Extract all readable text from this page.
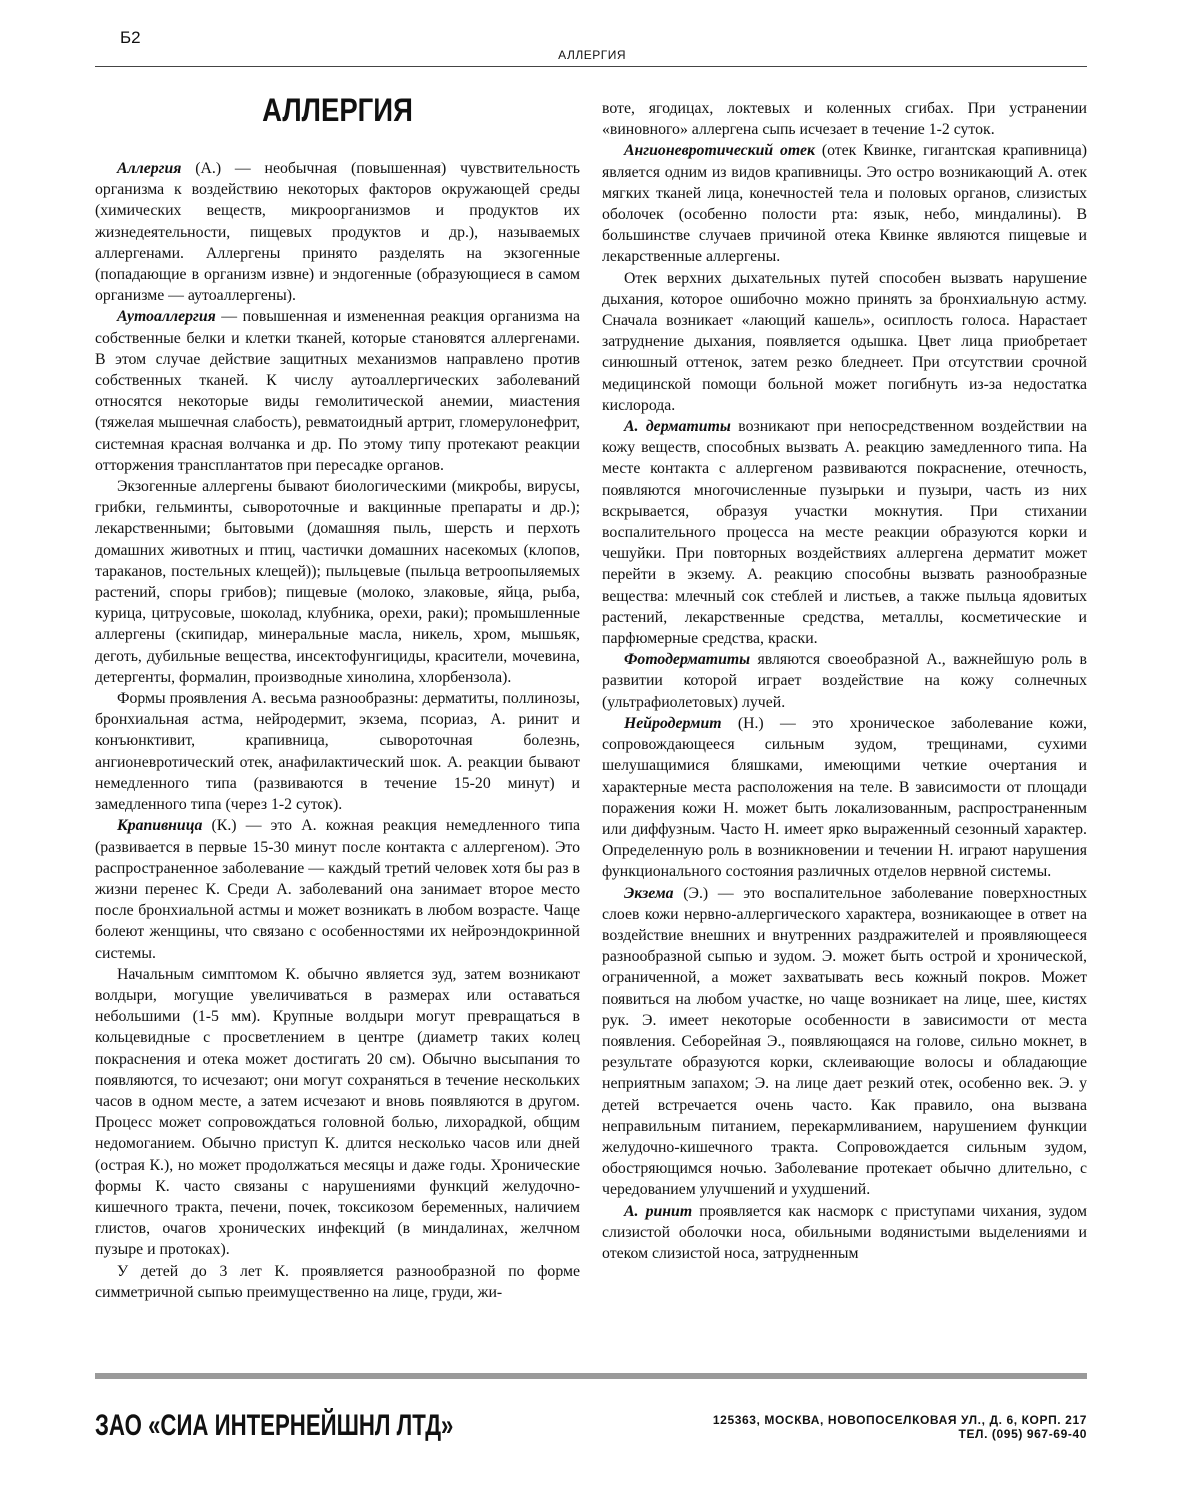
Б2
АЛЛЕРГИЯ
АЛЛЕРГИЯ

Аллергия (А.) — необычная (повышенная) чувствительность организма к воздействию некоторых факторов окружающей среды (химических веществ, микроорганизмов и продуктов их жизнедеятельности, пищевых продуктов и др.), называемых аллергенами. Аллергены принято разделять на экзогенные (попадающие в организм извне) и эндогенные (образующиеся в самом организме — аутоаллергены).

Аутоаллергия — повышенная и измененная реакция организма на собственные белки и клетки тканей, которые становятся аллергенами. В этом случае действие защитных механизмов направлено против собственных тканей. К числу аутоаллергических заболеваний относятся некоторые виды гемолитической анемии, миастения (тяжелая мышечная слабость), ревматоидный артрит, гломерулонефрит, системная красная волчанка и др. По этому типу протекают реакции отторжения трансплантатов при пересадке органов.

Экзогенные аллергены бывают биологическими (микробы, вирусы, грибки, гельминты, сывороточные и вакцинные препараты и др.); лекарственными; бытовыми (домашняя пыль, шерсть и перхоть домашних животных и птиц, частички домашних насекомых (клопов, тараканов, постельных клещей)); пыльцевые (пыльца ветроопыляемых растений, споры грибов); пищевые (молоко, злаковые, яйца, рыба, курица, цитрусовые, шоколад, клубника, орехи, раки); промышленные аллергены (скипидар, минеральные масла, никель, хром, мышьяк, деготь, дубильные вещества, инсектофунгициды, красители, мочевина, детергенты, формалин, производные хинолина, хлорбензола).

Формы проявления А. весьма разнообразны: дерматиты, поллинозы, бронхиальная астма, нейродермит, экзема, псориаз, А. ринит и конъюнктивит, крапивница, сывороточная болезнь, ангионевротический отек, анафилактический шок. А. реакции бывают немедленного типа (развиваются в течение 15-20 минут) и замедленного типа (через 1-2 суток).

Крапивница (К.) — это А. кожная реакция немедленного типа (развивается в первые 15-30 минут после контакта с аллергеном). Это распространенное заболевание — каждый третий человек хотя бы раз в жизни перенес К. Среди А. заболеваний она занимает второе место после бронхиальной астмы и может возникать в любом возрасте. Чаще болеют женщины, что связано с особенностями их нейроэндокринной системы.

Начальным симптомом К. обычно является зуд, затем возникают волдыри, могущие увеличиваться в размерах или оставаться небольшими (1-5 мм). Крупные волдыри могут превращаться в кольцевидные с просветлением в центре (диаметр таких колец покраснения и отека может достигать 20 см). Обычно высыпания то появляются, то исчезают; они могут сохраняться в течение нескольких часов в одном месте, а затем исчезают и вновь появляются в другом. Процесс может сопровождаться головной болью, лихорадкой, общим недомоганием. Обычно приступ К. длится несколько часов или дней (острая К.), но может продолжаться месяцы и даже годы. Хронические формы К. часто связаны с нарушениями функций желудочно-кишечного тракта, печени, почек, токсикозом беременных, наличием глистов, очагов хронических инфекций (в миндалинах, желчном пузыре и протоках).

У детей до 3 лет К. проявляется разнообразной по форме симметричной сыпью преимущественно на лице, груди, жи-

воте, ягодицах, локтевых и коленных сгибах. При устранении «виновного» аллергена сыпь исчезает в течение 1-2 суток.

Ангионевротический отек (отек Квинке, гигантская крапивница) является одним из видов крапивницы. Это остро возникающий А. отек мягких тканей лица, конечностей тела и половых органов, слизистых оболочек (особенно полости рта: язык, небо, миндалины). В большинстве случаев причиной отека Квинке являются пищевые и лекарственные аллергены.

Отек верхних дыхательных путей способен вызвать нарушение дыхания, которое ошибочно можно принять за бронхиальную астму. Сначала возникает «лающий кашель», осиплость голоса. Нарастает затруднение дыхания, появляется одышка. Цвет лица приобретает синюшный оттенок, затем резко бледнеет. При отсутствии срочной медицинской помощи больной может погибнуть из-за недостатка кислорода.

А. дерматиты возникают при непосредственном воздействии на кожу веществ, способных вызвать А. реакцию замедленного типа. На месте контакта с аллергеном развиваются покраснение, отечность, появляются многочисленные пузырьки и пузыри, часть из них вскрывается, образуя участки мокнутия. При стихании воспалительного процесса на месте реакции образуются корки и чешуйки. При повторных воздействиях аллергена дерматит может перейти в экзему. А. реакцию способны вызвать разнообразные вещества: млечный сок стеблей и листьев, а также пыльца ядовитых растений, лекарственные средства, металлы, косметические и парфюмерные средства, краски.

Фотодерматиты являются своеобразной А., важнейшую роль в развитии которой играет воздействие на кожу солнечных (ультрафиолетовых) лучей.

Нейродермит (Н.) — это хроническое заболевание кожи, сопровождающееся сильным зудом, трещинами, сухими шелушащимися бляшками, имеющими четкие очертания и характерные места расположения на теле. В зависимости от площади поражения кожи Н. может быть локализованным, распространенным или диффузным. Часто Н. имеет ярко выраженный сезонный характер. Определенную роль в возникновении и течении Н. играют нарушения функционального состояния различных отделов нервной системы.

Экзема (Э.) — это воспалительное заболевание поверхностных слоев кожи нервно-аллергического характера, возникающее в ответ на воздействие внешних и внутренних раздражителей и проявляющееся разнообразной сыпью и зудом. Э. может быть острой и хронической, ограниченной, а может захватывать весь кожный покров. Может появиться на любом участке, но чаще возникает на лице, шее, кистях рук. Э. имеет некоторые особенности в зависимости от места появления. Себорейная Э., появляющаяся на голове, сильно мокнет, в результате образуются корки, склеивающие волосы и обладающие неприятным запахом; Э. на лице дает резкий отек, особенно век. Э. у детей встречается очень часто. Как правило, она вызвана неправильным питанием, перекармливанием, нарушением функции желудочно-кишечного тракта. Сопровождается сильным зудом, обостряющимся ночью. Заболевание протекает обычно длительно, с чередованием улучшений и ухудшений.

А. ринит проявляется как насморк с приступами чихания, зудом слизистой оболочки носа, обильными водянистыми выделениями и отеком слизистой носа, затрудненным

ЗАО «СИА ИНТЕРНЕЙШНЛ ЛТД»	125363, МОСКВА, НОВОПОСЕЛКОВАЯ УЛ., Д. 6, КОРП. 217
ТЕЛ. (095) 967-69-40
